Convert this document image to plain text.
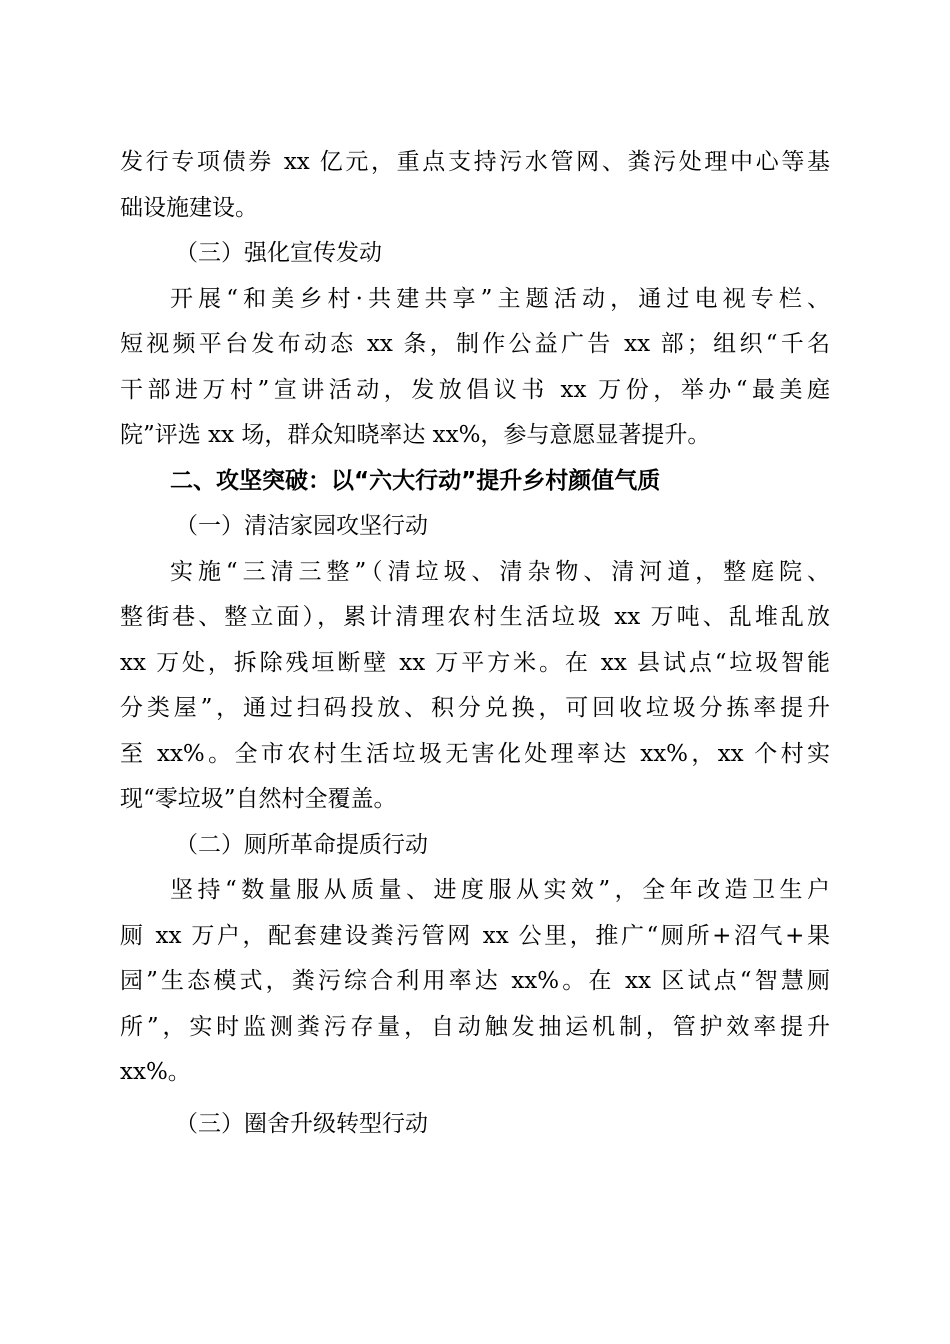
发行专项债券 xx 亿元，重点支持污水管网、粪污处理中心等基
础设施建设。
（三）强化宣传发动
开展“和美乡村·共建共享”主题活动，通过电视专栏、
短视频平台发布动态 xx 条，制作公益广告 xx 部；组织“千名
干部进万村”宣讲活动，发放倡议书 xx 万份，举办“最美庭
院”评选 xx 场，群众知晓率达 xx%，参与意愿显著提升。
二、攻坚突破：以“六大行动”提升乡村颜值气质
（一）清洁家园攻坚行动
实施“三清三整”（清垃圾、清杂物、清河道，整庭院、
整街巷、整立面），累计清理农村生活垃圾 xx 万吨、乱堆乱放
xx 万处，拆除残垣断壁 xx 万平方米。在 xx 县试点“垃圾智能
分类屋”，通过扫码投放、积分兑换，可回收垃圾分拣率提升
至 xx%。全市农村生活垃圾无害化处理率达 xx%，xx 个村实
现“零垃圾”自然村全覆盖。
（二）厕所革命提质行动
坚持“数量服从质量、进度服从实效”，全年改造卫生户
厕 xx 万户，配套建设粪污管网 xx 公里，推广“厕所+沼气+果
园”生态模式，粪污综合利用率达 xx%。在 xx 区试点“智慧厕
所”，实时监测粪污存量，自动触发抽运机制，管护效率提升
xx%。
（三）圈舍升级转型行动
